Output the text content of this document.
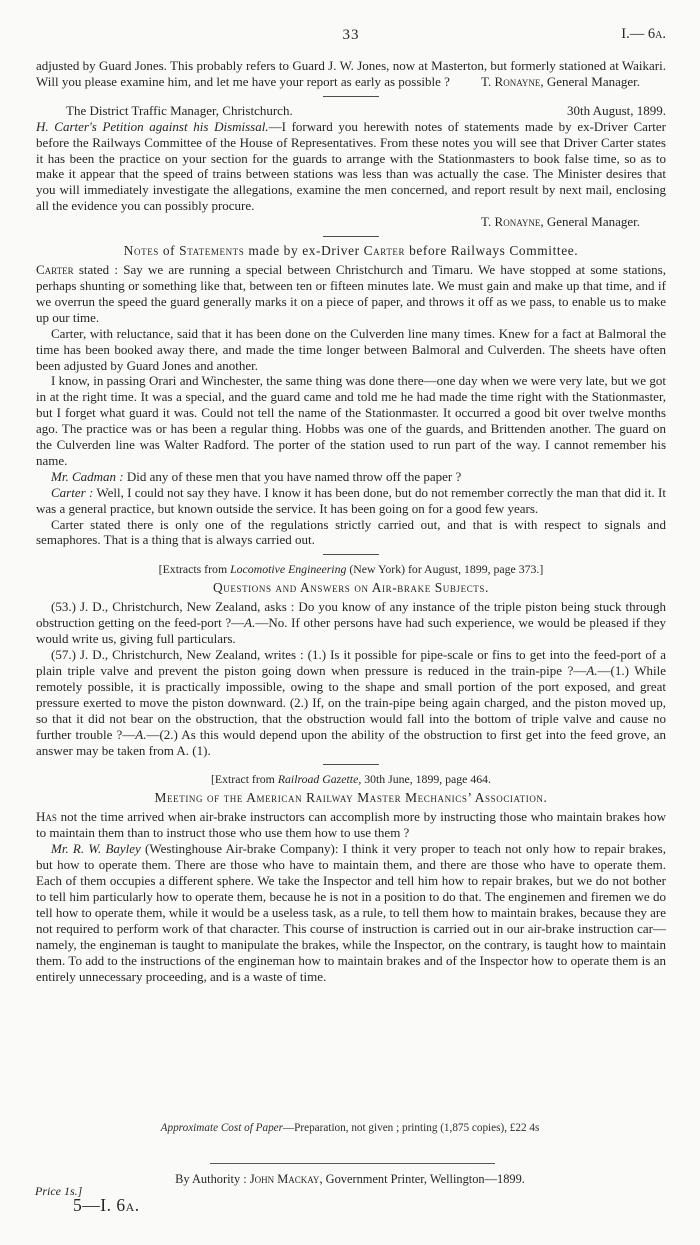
33	I.— 6a.

adjusted by Guard Jones. This probably refers to Guard J. W. Jones, now at Masterton, but formerly stationed at Waikari. Will you please examine him, and let me have your report as early as possible ?	T. Ronayne, General Manager.
The District Traffic Manager, Christchurch.	30th August, 1899.

H. Carter's Petition against his Dismissal.—I forward you herewith notes of statements made by ex-Driver Carter before the Railways Committee of the House of Representatives. From these notes you will see that Driver Carter states it has been the practice on your section for the guards to arrange with the Stationmasters to book false time, so as to make it appear that the speed of trains between stations was less than was actually the case. The Minister desires that you will immediately investigate the allegations, examine the men concerned, and report result by next mail, enclosing all the evidence you can possibly procure.

T. Ronayne, General Manager.
Notes of Statements made by ex-Driver Carter before Railways Committee.

Carter stated : Say we are running a special between Christchurch and Timaru. We have stopped at some stations, perhaps shunting or something like that, between ten or fifteen minutes late. We must gain and make up that time, and if we overrun the speed the guard generally marks it on a piece of paper, and throws it off as we pass, to enable us to make up our time.

Carter, with reluctance, said that it has been done on the Culverden line many times. Knew for a fact at Balmoral the time has been booked away there, and made the time longer between Balmoral and Culverden. The sheets have often been adjusted by Guard Jones and another.

I know, in passing Orari and Winchester, the same thing was done there—one day when we were very late, but we got in at the right time. It was a special, and the guard came and told me he had made the time right with the Stationmaster, but I forget what guard it was. Could not tell the name of the Stationmaster. It occurred a good bit over twelve months ago. The practice was or has been a regular thing. Hobbs was one of the guards, and Brittenden another. The guard on the Culverden line was Walter Radford. The porter of the station used to run part of the way. I cannot remember his name.

Mr. Cadman : Did any of these men that you have named throw off the paper ?

Carter : Well, I could not say they have. I know it has been done, but do not remember correctly the man that did it. It was a general practice, but known outside the service. It has been going on for a good few years.

Carter stated there is only one of the regulations strictly carried out, and that is with respect to signals and semaphores. That is a thing that is always carried out.

[Extracts from Locomotive Engineering (New York) for August, 1899, page 373.]
Questions and Answers on Air-brake Subjects.

(53.) J. D., Christchurch, New Zealand, asks : Do you know of any instance of the triple piston being stuck through obstruction getting on the feed-port ?—A.—No. If other persons have had such experience, we would be pleased if they would write us, giving full particulars.

(57.) J. D., Christchurch, New Zealand, writes : (1.) Is it possible for pipe-scale or fins to get into the feed-port of a plain triple valve and prevent the piston going down when pressure is reduced in the train-pipe ?—A.—(1.) While remotely possible, it is practically impossible, owing to the shape and small portion of the port exposed, and great pressure exerted to move the piston downward. (2.) If, on the train-pipe being again charged, and the piston moved up, so that it did not bear on the obstruction, that the obstruction would fall into the bottom of triple valve and cause no further trouble ?—A.—(2.) As this would depend upon the ability of the obstruction to first get into the feed grove, an answer may be taken from A. (1).

[Extract from Railroad Gazette, 30th June, 1899, page 464.
Meeting of the American Railway Master Mechanics’ Association.

Has not the time arrived when air-brake instructors can accomplish more by instructing those who maintain brakes how to maintain them than to instruct those who use them how to use them ?

Mr. R. W. Bayley (Westinghouse Air-brake Company): I think it very proper to teach not only how to repair brakes, but how to operate them. There are those who have to maintain them, and there are those who have to operate them. Each of them occupies a different sphere. We take the Inspector and tell him how to repair brakes, but we do not bother to tell him particularly how to operate them, because he is not in a position to do that. The enginemen and firemen we do tell how to operate them, while it would be a useless task, as a rule, to tell them how to maintain brakes, because they are not required to perform work of that character. This course of instruction is carried out in our air-brake instruction car—namely, the engineman is taught to manipulate the brakes, while the Inspector, on the contrary, is taught how to maintain them. To add to the instructions of the engineman how to maintain brakes and of the Inspector how to operate them is an entirely unnecessary proceeding, and is a waste of time.

Approximate Cost of Paper—Preparation, not given ; printing (1,875 copies), £22 4s
By Authority : John Mackay, Government Printer, Wellington—1899.
Price 1s.]
5—I. 6a.
